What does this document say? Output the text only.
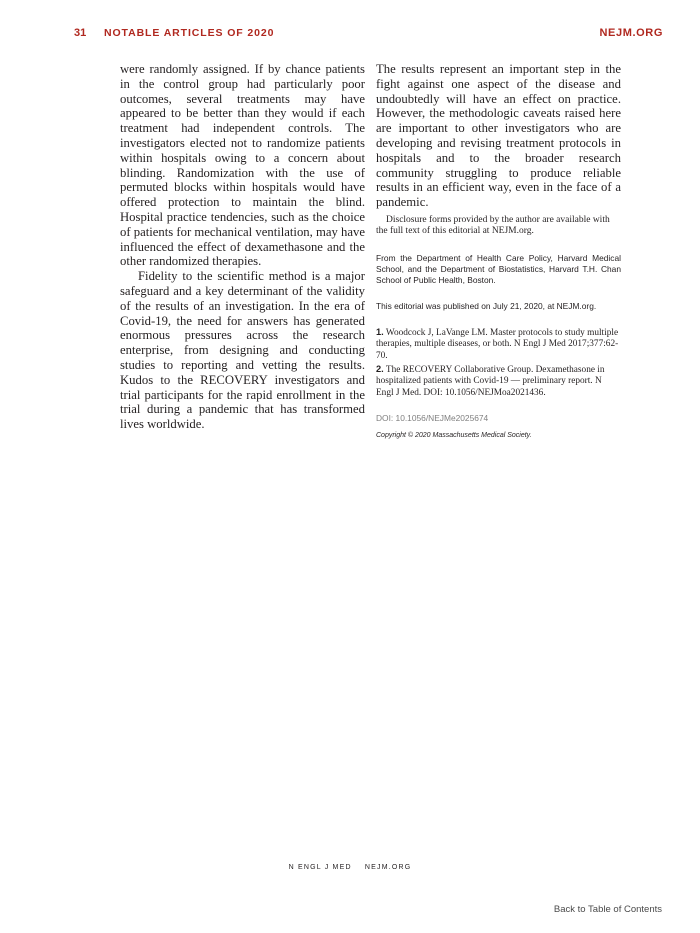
31 NOTABLE ARTICLES OF 2020	NEJM.ORG

were randomly assigned. If by chance patients in the control group had particularly poor outcomes, several treatments may have appeared to be better than they would if each treatment had independent controls. The investigators elected not to randomize patients within hospitals owing to a concern about blinding. Randomization with the use of permuted blocks within hospitals would have offered protection to maintain the blind. Hospital practice tendencies, such as the choice of patients for mechanical ventilation, may have influenced the effect of dexamethasone and the other randomized therapies.

Fidelity to the scientific method is a major safeguard and a key determinant of the validity of the results of an investigation. In the era of Covid-19, the need for answers has generated enormous pressures across the research enterprise, from designing and conducting studies to reporting and vetting the results. Kudos to the RECOVERY investigators and trial participants for the rapid enrollment in the trial during a pandemic that has transformed lives worldwide.

The results represent an important step in the fight against one aspect of the disease and undoubtedly will have an effect on practice. However, the methodologic caveats raised here are important to other investigators who are developing and revising treatment protocols in hospitals and to the broader research community struggling to produce reliable results in an efficient way, even in the face of a pandemic.

Disclosure forms provided by the author are available with the full text of this editorial at NEJM.org.

From the Department of Health Care Policy, Harvard Medical School, and the Department of Biostatistics, Harvard T.H. Chan School of Public Health, Boston.

This editorial was published on July 21, 2020, at NEJM.org.

1. Woodcock J, LaVange LM. Master protocols to study multiple therapies, multiple diseases, or both. N Engl J Med 2017;377:62-70.
2. The RECOVERY Collaborative Group. Dexamethasone in hospitalized patients with Covid-19 — preliminary report. N Engl J Med. DOI: 10.1056/NEJMoa2021436.

DOI: 10.1056/NEJMe2025674

Copyright © 2020 Massachusetts Medical Society.

N ENGL J MED NEJM.ORG
Back to Table of Contents
